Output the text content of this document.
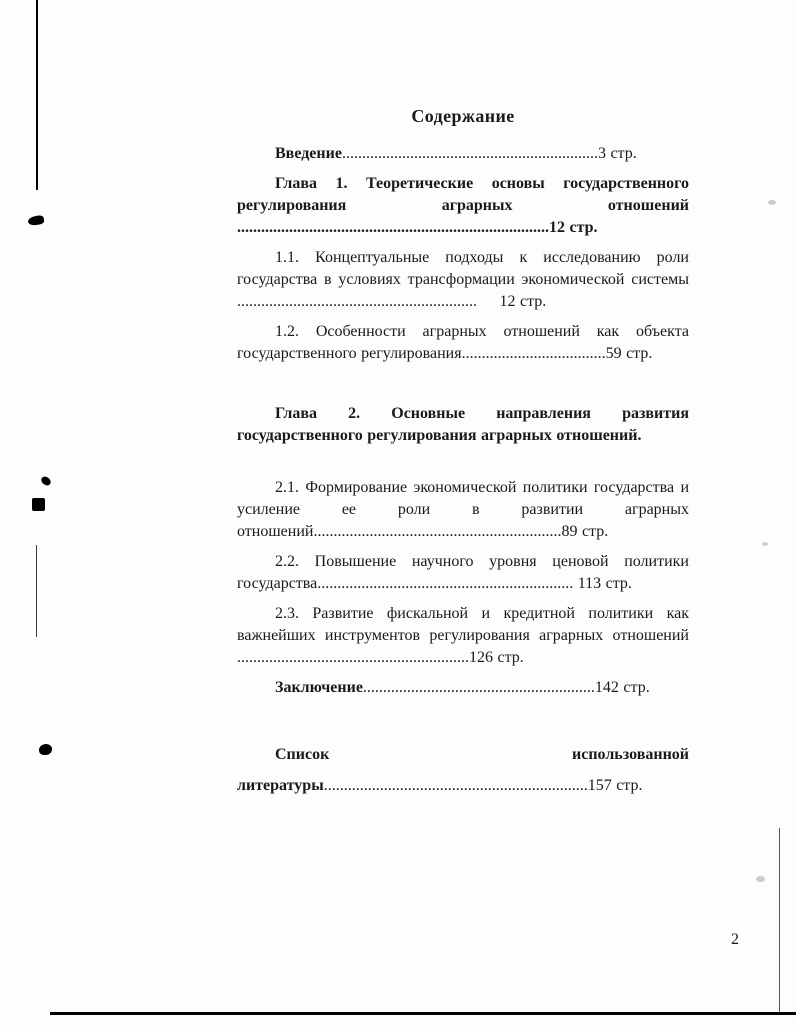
Содержание

Введение................................................................3 стр.

Глава 1. Теоретические основы государственного регулирования аграрных отношений ..............................................................................12 стр.

1.1. Концептуальные подходы к исследованию роли государства в условиях трансформации экономической системы ............................................................     12 стр.

1.2. Особенности аграрных отношений как объекта государственного регулирования....................................59 стр.

Глава 2. Основные направления развития государственного регулирования аграрных отношений.

2.1. Формирование экономической политики государства и усиление ее роли в развитии аграрных отношений..............................................................89 стр.

2.2. Повышение научного уровня ценовой политики государства................................................................ 113 стр.

2.3. Развитие фискальной и кредитной политики как важнейших инструментов регулирования аграрных отношений ..........................................................126 стр.

Заключение..........................................................142 стр.

Список использованной литературы..................................................................157 стр.

2
